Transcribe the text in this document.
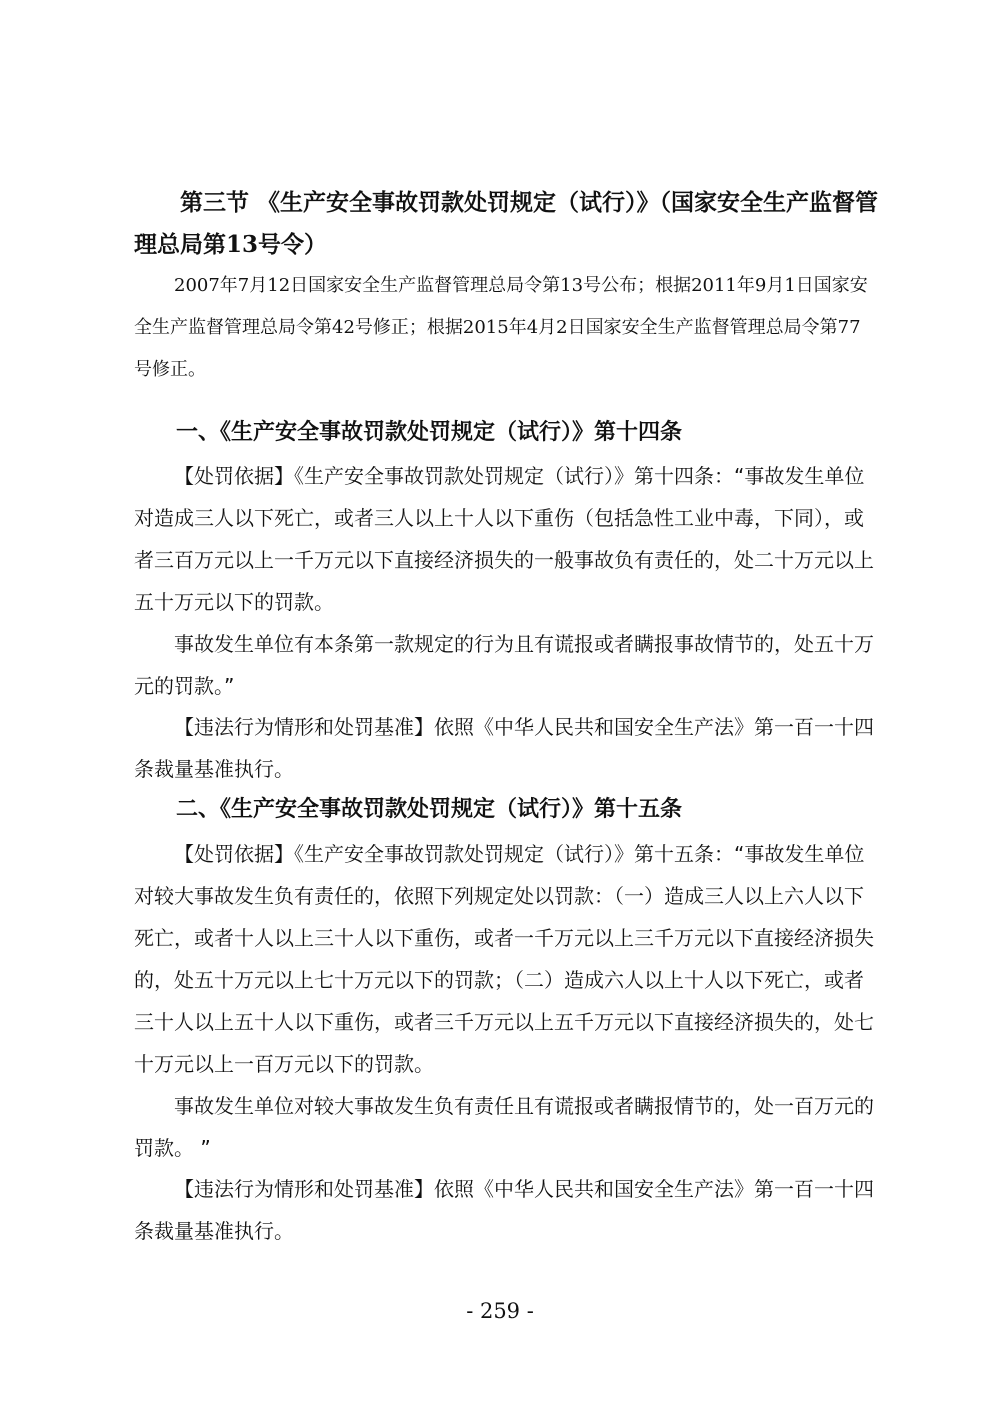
第三节 《生产安全事故罚款处罚规定（试行）》（国家安全生产监督管理总局第13号令）

2007年7月12日国家安全生产监督管理总局令第13号公布；根据2011年9月1日国家安全生产监督管理总局令第42号修正；根据2015年4月2日国家安全生产监督管理总局令第77号修正。

一、《生产安全事故罚款处罚规定（试行）》第十四条

【处罚依据】《生产安全事故罚款处罚规定（试行）》第十四条：“事故发生单位对造成三人以下死亡，或者三人以上十人以下重伤（包括急性工业中毒，下同），或者三百万元以上一千万元以下直接经济损失的一般事故负有责任的，处二十万元以上五十万元以下的罚款。

事故发生单位有本条第一款规定的行为且有谎报或者瞒报事故情节的，处五十万元的罚款。”

【违法行为情形和处罚基准】依照《中华人民共和国安全生产法》第一百一十四条裁量基准执行。

二、《生产安全事故罚款处罚规定（试行）》第十五条

【处罚依据】《生产安全事故罚款处罚规定（试行）》第十五条：“事故发生单位对较大事故发生负有责任的，依照下列规定处以罚款：（一）造成三人以上六人以下死亡，或者十人以上三十人以下重伤，或者一千万元以上三千万元以下直接经济损失的，处五十万元以上七十万元以下的罚款；（二）造成六人以上十人以下死亡，或者三十人以上五十人以下重伤，或者三千万元以上五千万元以下直接经济损失的，处七十万元以上一百万元以下的罚款。

事故发生单位对较大事故发生负有责任且有谎报或者瞒报情节的，处一百万元的罚款。 ”

【违法行为情形和处罚基准】依照《中华人民共和国安全生产法》第一百一十四条裁量基准执行。

- 259 -
